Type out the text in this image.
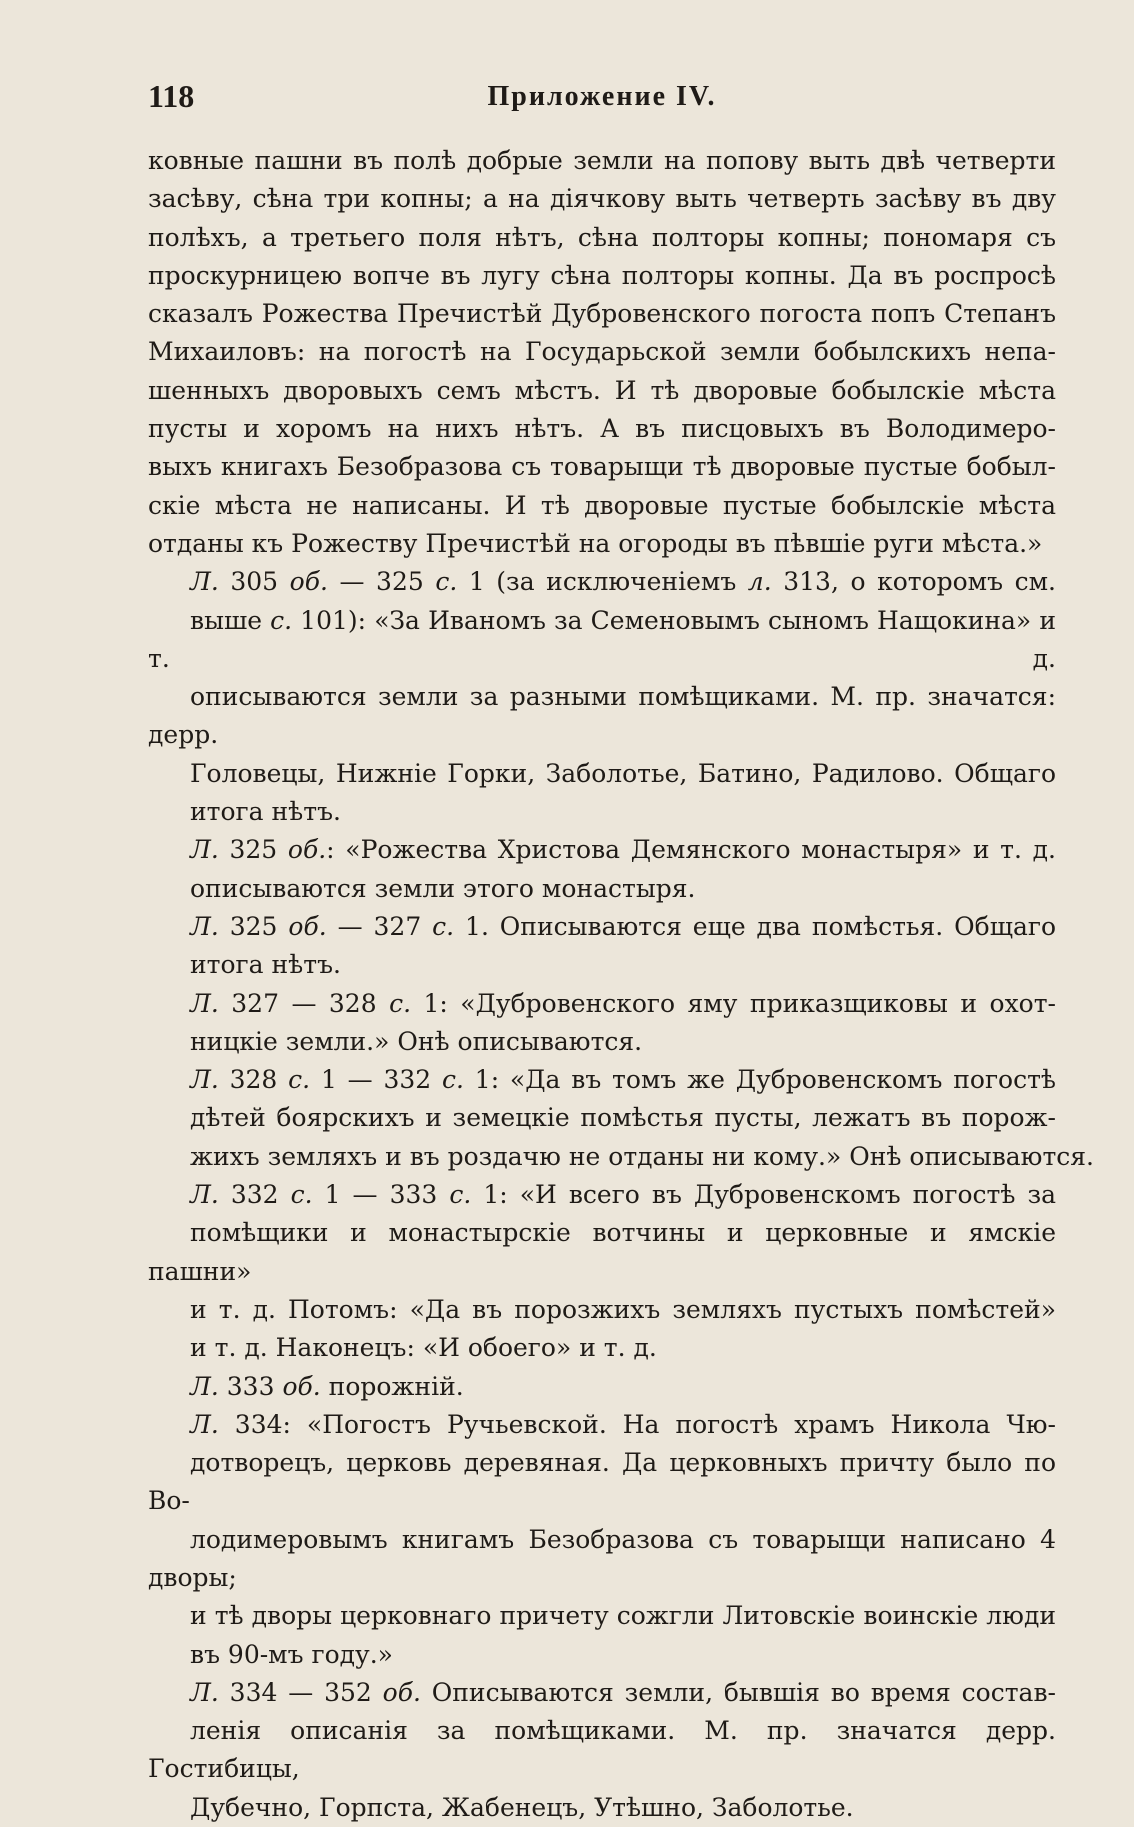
118	Приложение IV.

ковные пашни въ полѣ добрые земли на попову выть двѣ четверти
засѣву, сѣна три копны; а на діячкову выть четверть засѣву въ дву
полѣхъ, а третьего поля нѣтъ, сѣна полторы копны; пономаря съ
проскурницею вопче въ лугу сѣна полторы копны. Да въ роспросѣ
сказалъ Рожества Пречистѣй Дубровенского погоста попъ Степанъ
Михаиловъ: на погостѣ на Государьской земли бобылскихъ непа-
шенныхъ дворовыхъ семъ мѣстъ. И тѣ дворовые бобылскіе мѣста
пусты и хоромъ на нихъ нѣтъ. А въ писцовыхъ въ Володимеро-
выхъ книгахъ Безобразова съ товарыщи тѣ дворовые пустые бобыл-
скіе мѣста не написаны. И тѣ дворовые пустые бобылскіе мѣста
отданы къ Рожеству Пречистѣй на огороды въ пѣвшіе руги мѣста.»

Л. 305 об. — 325 с. 1 (за исключеніемъ л. 313, о которомъ см.
выше с. 101): «За Иваномъ за Семеновымъ сыномъ Нащокина» и т. д.
описываются земли за разными помѣщиками. М. пр. значатся: дерр.
Головецы, Нижніе Горки, Заболотье, Батино, Радилово. Общаго
итога нѣтъ.

Л. 325 об.: «Рожества Христова Демянского монастыря» и т. д.
описываются земли этого монастыря.

Л. 325 об. — 327 с. 1. Описываются еще два помѣстья. Общаго
итога нѣтъ.

Л. 327 — 328 с. 1: «Дубровенского яму приказщиковы и охот-
ницкіе земли.» Онѣ описываются.

Л. 328 с. 1 — 332 с. 1: «Да въ томъ же Дубровенскомъ погостѣ
дѣтей боярскихъ и земецкіе помѣстья пусты, лежатъ въ порож-
жихъ земляхъ и въ роздачю не отданы ни кому.» Онѣ описываются.

Л. 332 с. 1 — 333 с. 1: «И всего въ Дубровенскомъ погостѣ за
помѣщики и монастырскіе вотчины и церковные и ямскіе пашни»
и т. д. Потомъ: «Да въ порозжихъ земляхъ пустыхъ помѣстей»
и т. д. Наконецъ: «И обоего» и т. д.

Л. 333 об. порожній.

Л. 334: «Погостъ Ручьевской. На погостѣ храмъ Никола Чю-
дотворецъ, церковь деревяная. Да церковныхъ причту было по Во-
лодимеровымъ книгамъ Безобразова съ товарыщи написано 4 дворы;
и тѣ дворы церковнаго причету сожгли Литовскіе воинскіе люди
въ 90-мъ году.»

Л. 334 — 352 об. Описываются земли, бывшія во время состав-
ленія описанія за помѣщиками. М. пр. значатся дерр. Гостибицы,
Дубечно, Горпста, Жабенецъ, Утѣшно, Заболотье.
